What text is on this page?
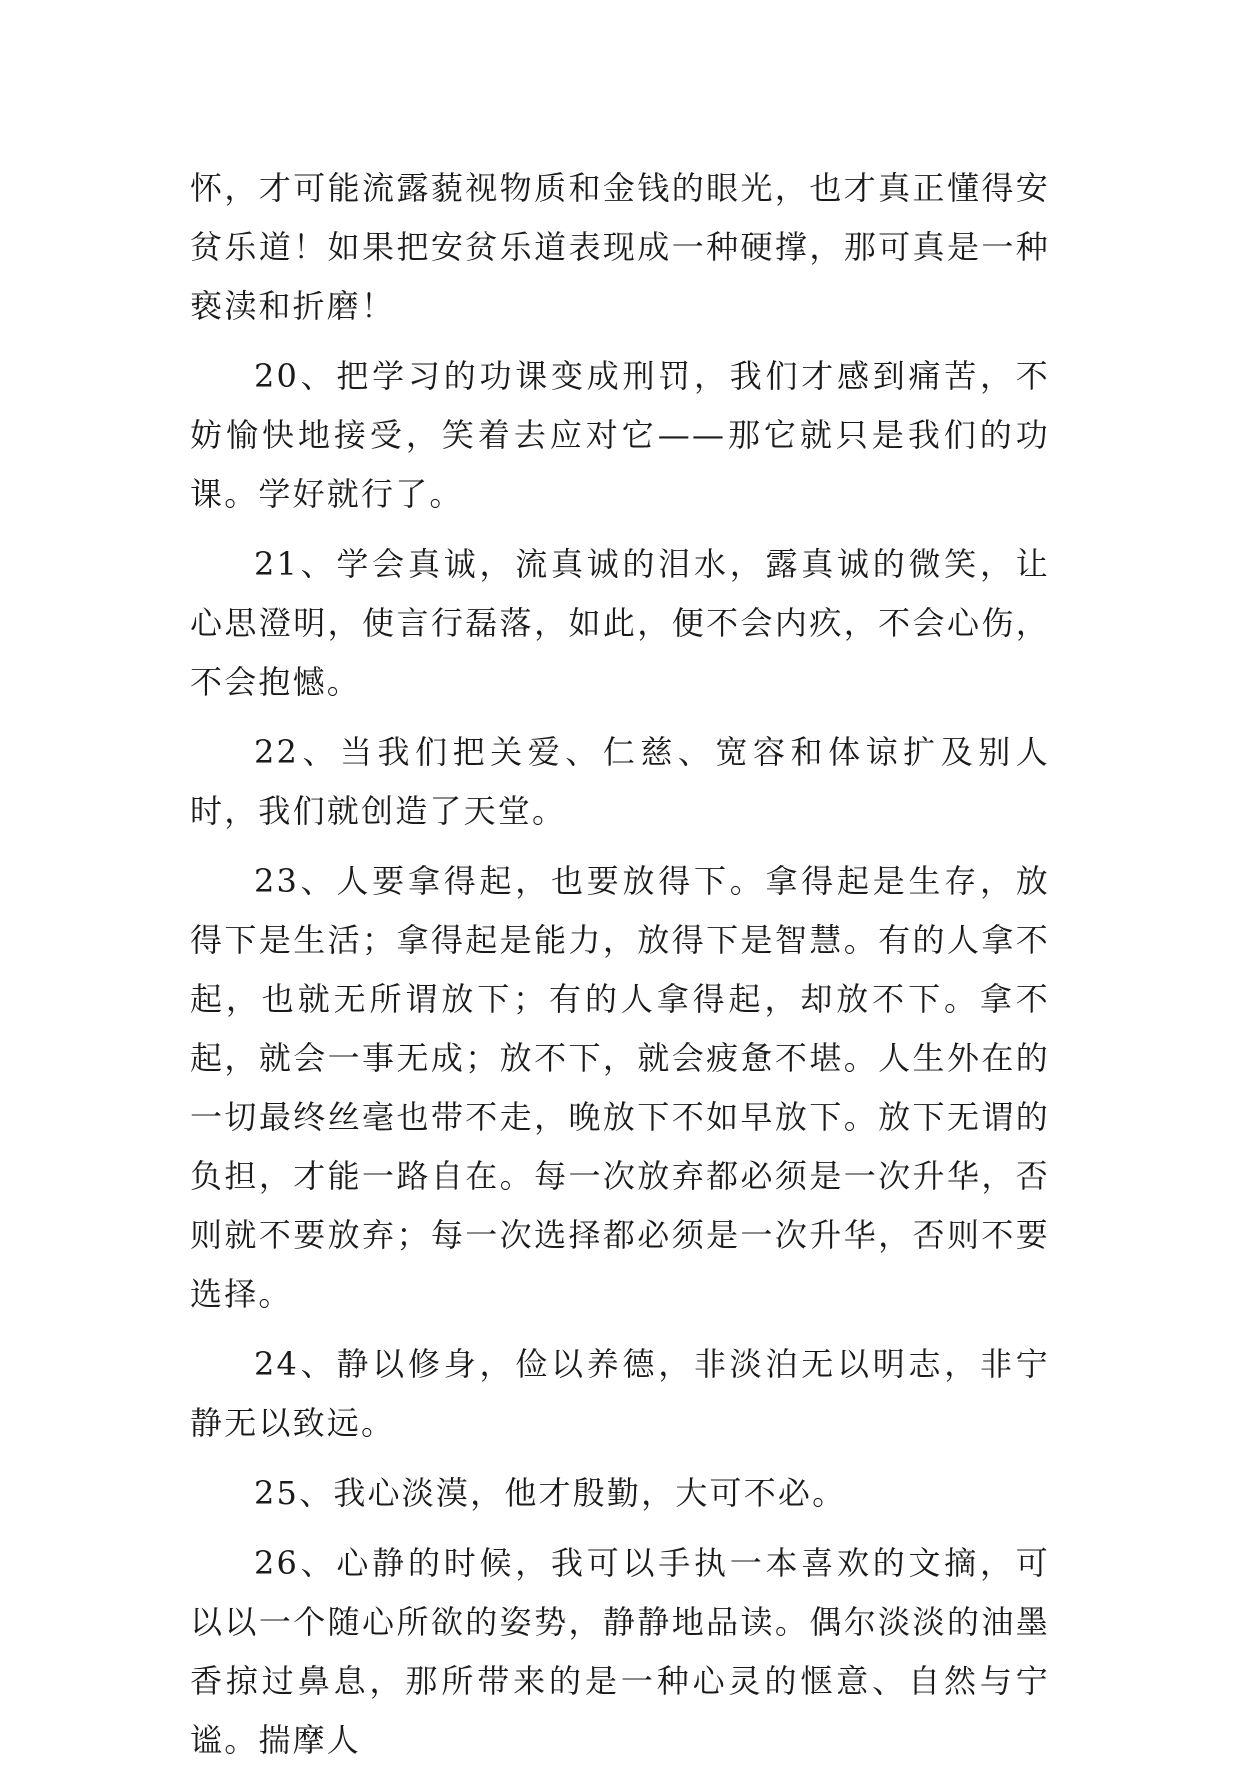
怀，才可能流露藐视物质和金钱的眼光，也才真正懂得安贫乐道！如果把安贫乐道表现成一种硬撑，那可真是一种亵渎和折磨！

20、把学习的功课变成刑罚，我们才感到痛苦，不妨愉快地接受，笑着去应对它——那它就只是我们的功课。学好就行了。

21、学会真诚，流真诚的泪水，露真诚的微笑，让心思澄明，使言行磊落，如此，便不会内疚，不会心伤，不会抱憾。

22、当我们把关爱、仁慈、宽容和体谅扩及别人时，我们就创造了天堂。

23、人要拿得起，也要放得下。拿得起是生存，放得下是生活；拿得起是能力，放得下是智慧。有的人拿不起，也就无所谓放下；有的人拿得起，却放不下。拿不起，就会一事无成；放不下，就会疲惫不堪。人生外在的一切最终丝毫也带不走，晚放下不如早放下。放下无谓的负担，才能一路自在。每一次放弃都必须是一次升华，否则就不要放弃；每一次选择都必须是一次升华，否则不要选择。

24、静以修身，俭以养德，非淡泊无以明志，非宁静无以致远。

25、我心淡漠，他才殷勤，大可不必。

26、心静的时候，我可以手执一本喜欢的文摘，可以以一个随心所欲的姿势，静静地品读。偶尔淡淡的油墨香掠过鼻息，那所带来的是一种心灵的惬意、自然与宁谧。揣摩人
